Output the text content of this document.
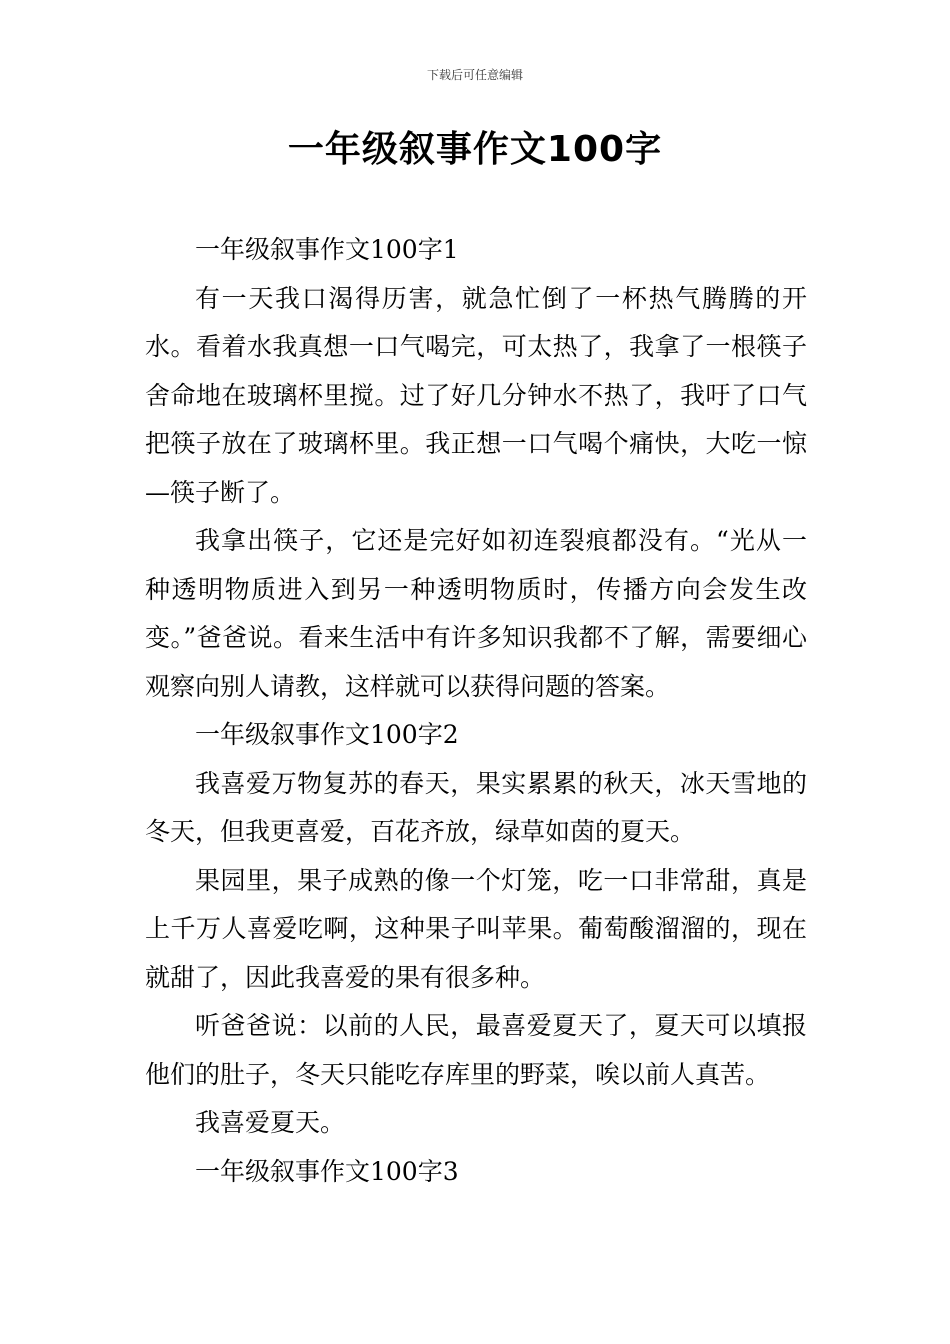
下载后可任意编辑
一年级叙事作文100字

一年级叙事作文100字1

有一天我口渴得历害，就急忙倒了一杯热气腾腾的开水。看着水我真想一口气喝完，可太热了，我拿了一根筷子舍命地在玻璃杯里搅。过了好几分钟水不热了，我吁了口气把筷子放在了玻璃杯里。我正想一口气喝个痛快，大吃一惊—筷子断了。

我拿出筷子，它还是完好如初连裂痕都没有。“光从一种透明物质进入到另一种透明物质时，传播方向会发生改变。”爸爸说。看来生活中有许多知识我都不了解，需要细心观察向别人请教，这样就可以获得问题的答案。

一年级叙事作文100字2

我喜爱万物复苏的春天，果实累累的秋天，冰天雪地的冬天，但我更喜爱，百花齐放，绿草如茵的夏天。

果园里，果子成熟的像一个灯笼，吃一口非常甜，真是上千万人喜爱吃啊，这种果子叫苹果。葡萄酸溜溜的，现在就甜了，因此我喜爱的果有很多种。

听爸爸说：以前的人民，最喜爱夏天了，夏天可以填报他们的肚子，冬天只能吃存库里的野菜，唉以前人真苦。

我喜爱夏天。

一年级叙事作文100字3
